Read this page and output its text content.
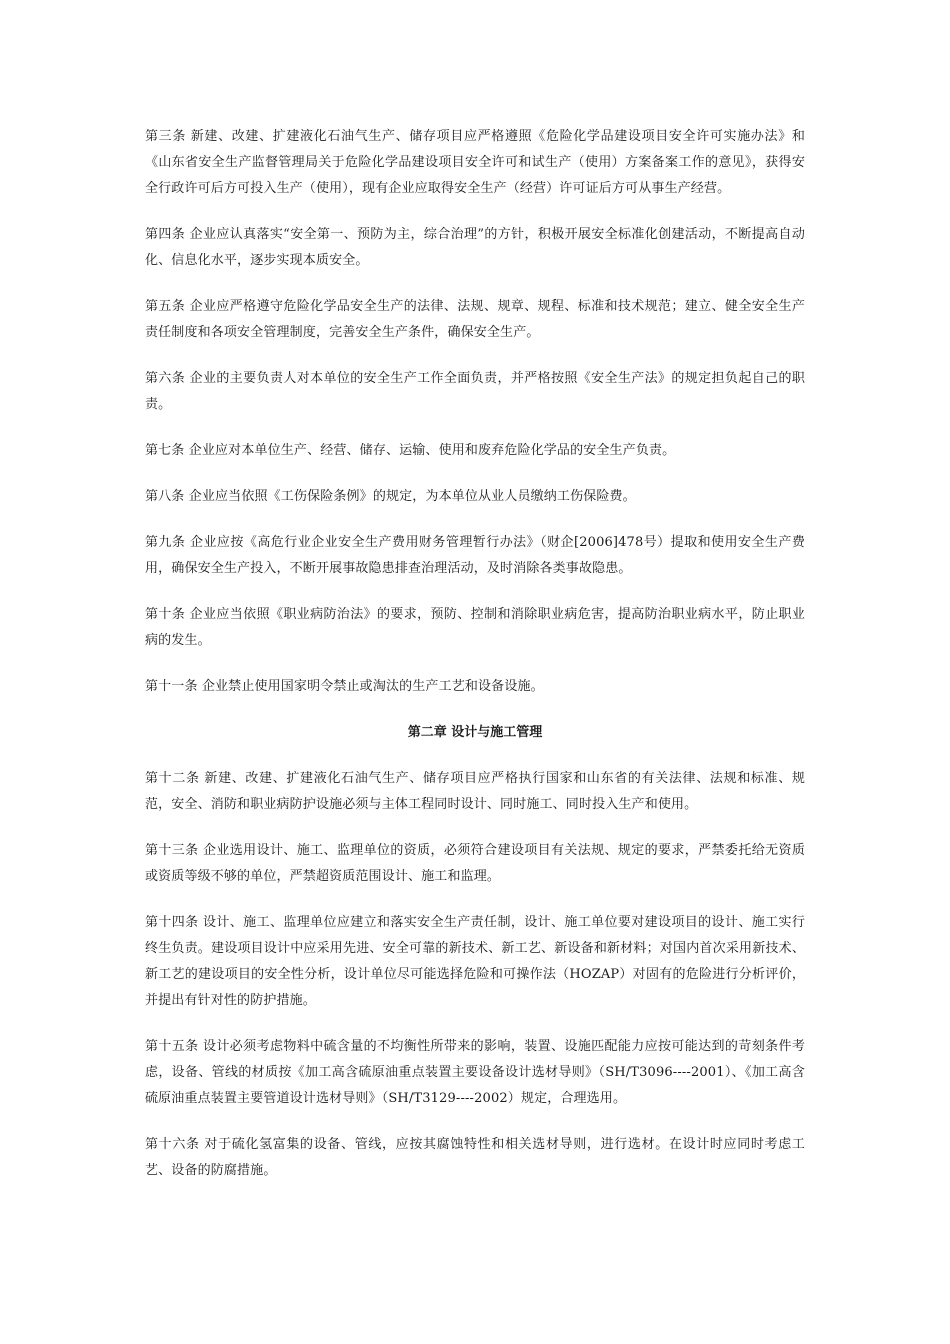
第三条 新建、改建、扩建液化石油气生产、储存项目应严格遵照《危险化学品建设项目安全许可实施办法》和《山东省安全生产监督管理局关于危险化学品建设项目安全许可和试生产（使用）方案备案工作的意见》，获得安全行政许可后方可投入生产（使用），现有企业应取得安全生产（经营）许可证后方可从事生产经营。

第四条 企业应认真落实“安全第一、预防为主，综合治理”的方针，积极开展安全标准化创建活动，不断提高自动化、信息化水平，逐步实现本质安全。

第五条 企业应严格遵守危险化学品安全生产的法律、法规、规章、规程、标准和技术规范；建立、健全安全生产责任制度和各项安全管理制度，完善安全生产条件，确保安全生产。

第六条 企业的主要负责人对本单位的安全生产工作全面负责，并严格按照《安全生产法》的规定担负起自己的职责。

第七条 企业应对本单位生产、经营、储存、运输、使用和废弃危险化学品的安全生产负责。

第八条 企业应当依照《工伤保险条例》的规定，为本单位从业人员缴纳工伤保险费。

第九条 企业应按《高危行业企业安全生产费用财务管理暂行办法》（财企[2006]478号）提取和使用安全生产费用，确保安全生产投入，不断开展事故隐患排查治理活动，及时消除各类事故隐患。

第十条 企业应当依照《职业病防治法》的要求，预防、控制和消除职业病危害，提高防治职业病水平，防止职业病的发生。

第十一条 企业禁止使用国家明令禁止或淘汰的生产工艺和设备设施。

第二章 设计与施工管理

第十二条 新建、改建、扩建液化石油气生产、储存项目应严格执行国家和山东省的有关法律、法规和标准、规范，安全、消防和职业病防护设施必须与主体工程同时设计、同时施工、同时投入生产和使用。

第十三条 企业选用设计、施工、监理单位的资质，必须符合建设项目有关法规、规定的要求，严禁委托给无资质或资质等级不够的单位，严禁超资质范围设计、施工和监理。

第十四条 设计、施工、监理单位应建立和落实安全生产责任制，设计、施工单位要对建设项目的设计、施工实行终生负责。建设项目设计中应采用先进、安全可靠的新技术、新工艺、新设备和新材料；对国内首次采用新技术、新工艺的建设项目的安全性分析，设计单位尽可能选择危险和可操作法（HOZAP）对固有的危险进行分析评价，并提出有针对性的防护措施。

第十五条 设计必须考虑物料中硫含量的不均衡性所带来的影响，装置、设施匹配能力应按可能达到的苛刻条件考虑，设备、管线的材质按《加工高含硫原油重点装置主要设备设计选材导则》（SH/T3096----2001）、《加工高含硫原油重点装置主要管道设计选材导则》（SH/T3129----2002）规定，合理选用。

第十六条 对于硫化氢富集的设备、管线，应按其腐蚀特性和相关选材导则，进行选材。在设计时应同时考虑工艺、设备的防腐措施。
